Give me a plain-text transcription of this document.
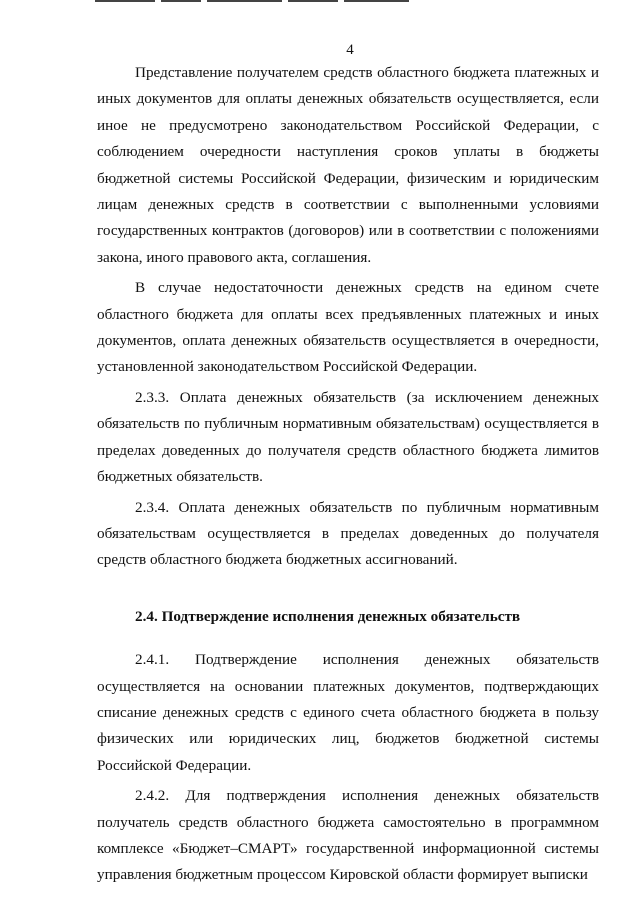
4

Представление получателем средств областного бюджета платежных и иных документов для оплаты денежных обязательств осуществляется, если иное не предусмотрено законодательством Российской Федерации, с соблюдением очередности наступления сроков уплаты в бюджеты бюджетной системы Российской Федерации, физическим и юридическим лицам денежных средств в соответствии с выполненными условиями государственных контрактов (договоров) или в соответствии с положениями закона, иного правового акта, соглашения.

В случае недостаточности денежных средств на едином счете областного бюджета для оплаты всех предъявленных платежных и иных документов, оплата денежных обязательств осуществляется в очередности, установленной законодательством Российской Федерации.

2.3.3. Оплата денежных обязательств (за исключением денежных обязательств по публичным нормативным обязательствам) осуществляется в пределах доведенных до получателя средств областного бюджета лимитов бюджетных обязательств.

2.3.4. Оплата денежных обязательств по публичным нормативным обязательствам осуществляется в пределах доведенных до получателя средств областного бюджета бюджетных ассигнований.

2.4. Подтверждение исполнения денежных обязательств

2.4.1. Подтверждение исполнения денежных обязательств осуществляется на основании платежных документов, подтверждающих списание денежных средств с единого счета областного бюджета в пользу физических или юридических лиц, бюджетов бюджетной системы Российской Федерации.

2.4.2. Для подтверждения исполнения денежных обязательств получатель средств областного бюджета самостоятельно в программном комплексе «Бюджет–СМАРТ» государственной информационной системы управления бюджетным процессом Кировской области формирует выписки
